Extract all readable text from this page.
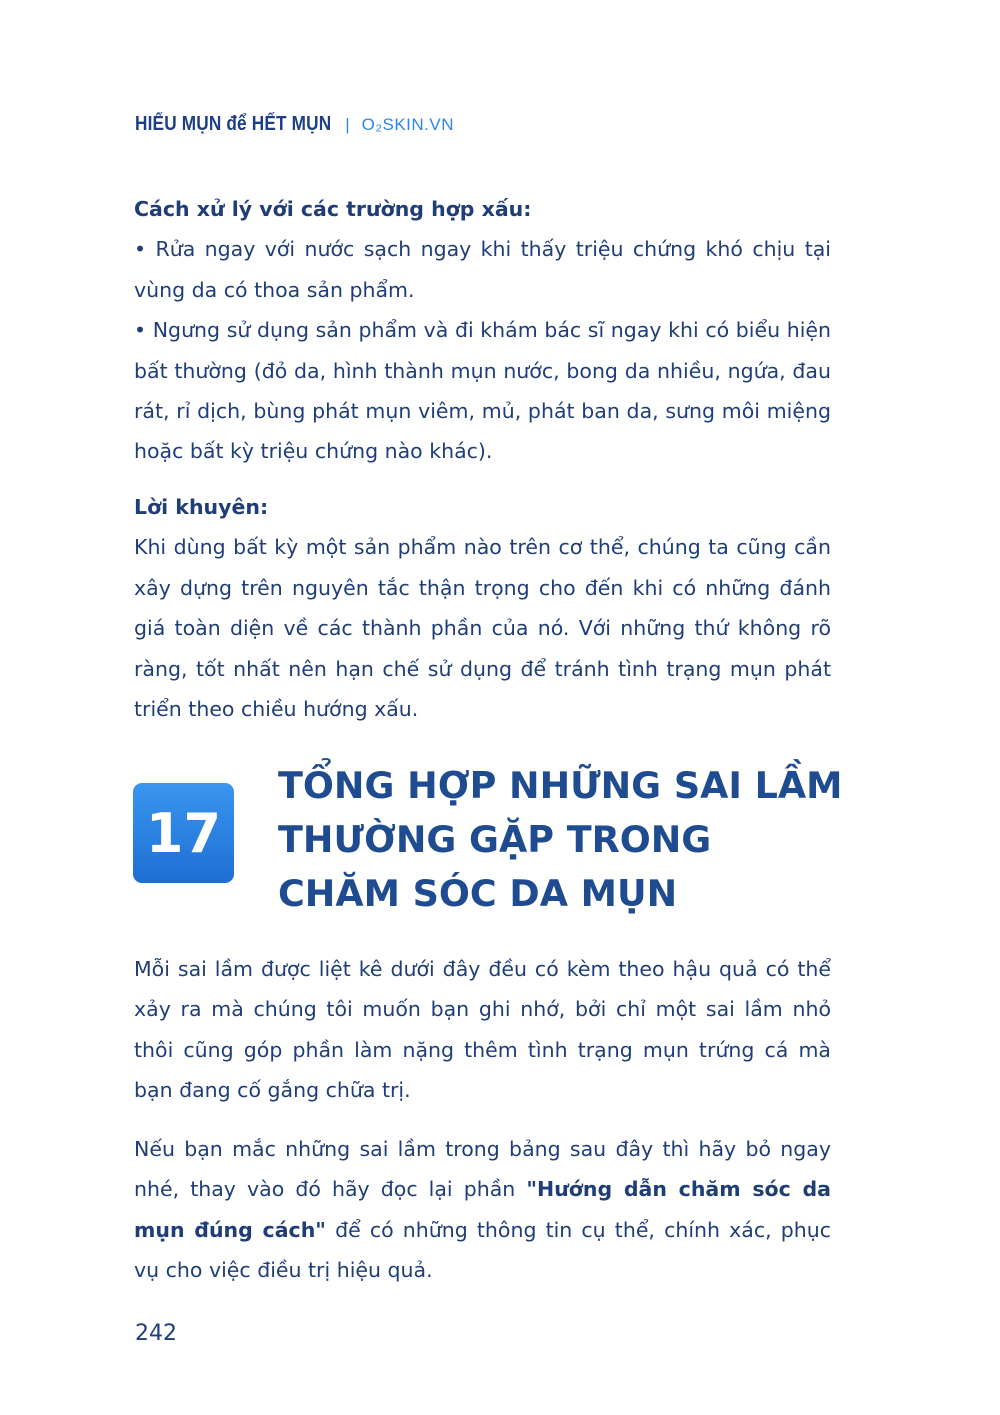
HIỂU MỤN để HẾT MỤN | O₂SKIN.VN

Cách xử lý với các trường hợp xấu:

• Rửa ngay với nước sạch ngay khi thấy triệu chứng khó chịu tại vùng da có thoa sản phẩm.

• Ngưng sử dụng sản phẩm và đi khám bác sĩ ngay khi có biểu hiện bất thường (đỏ da, hình thành mụn nước, bong da nhiều, ngứa, đau rát, rỉ dịch, bùng phát mụn viêm, mủ, phát ban da, sưng môi miệng hoặc bất kỳ triệu chứng nào khác).

Lời khuyên:

Khi dùng bất kỳ một sản phẩm nào trên cơ thể, chúng ta cũng cần xây dựng trên nguyên tắc thận trọng cho đến khi có những đánh giá toàn diện về các thành phần của nó. Với những thứ không rõ ràng, tốt nhất nên hạn chế sử dụng để tránh tình trạng mụn phát triển theo chiều hướng xấu.

17
TỔNG HỢP NHỮNG SAI LẦM
THƯỜNG GẶP TRONG
CHĂM SÓC DA MỤN

Mỗi sai lầm được liệt kê dưới đây đều có kèm theo hậu quả có thể xảy ra mà chúng tôi muốn bạn ghi nhớ, bởi chỉ một sai lầm nhỏ thôi cũng góp phần làm nặng thêm tình trạng mụn trứng cá mà bạn đang cố gắng chữa trị.

Nếu bạn mắc những sai lầm trong bảng sau đây thì hãy bỏ ngay nhé, thay vào đó hãy đọc lại phần "Hướng dẫn chăm sóc da mụn đúng cách" để có những thông tin cụ thể, chính xác, phục vụ cho việc điều trị hiệu quả.

242
